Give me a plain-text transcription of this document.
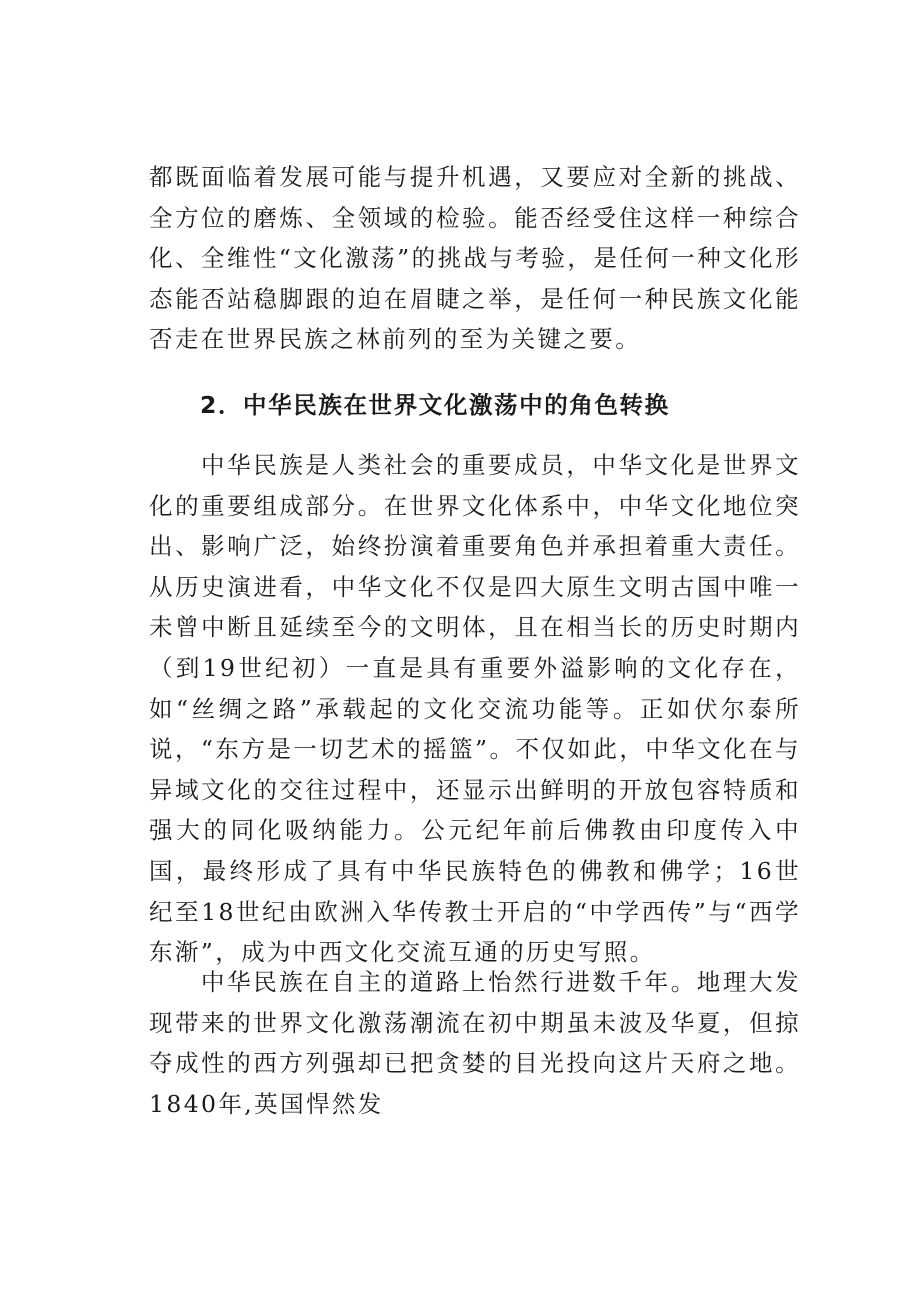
都既面临着发展可能与提升机遇，又要应对全新的挑战、全方位的磨炼、全领域的检验。能否经受住这样一种综合化、全维性“文化激荡”的挑战与考验，是任何一种文化形态能否站稳脚跟的迫在眉睫之举，是任何一种民族文化能否走在世界民族之林前列的至为关键之要。

2．中华民族在世界文化激荡中的角色转换

中华民族是人类社会的重要成员，中华文化是世界文化的重要组成部分。在世界文化体系中，中华文化地位突出、影响广泛，始终扮演着重要角色并承担着重大责任。从历史演进看，中华文化不仅是四大原生文明古国中唯一未曾中断且延续至今的文明体，且在相当长的历史时期内（到19世纪初）一直是具有重要外溢影响的文化存在，如“丝绸之路”承载起的文化交流功能等。正如伏尔泰所说，“东方是一切艺术的摇篮”。不仅如此，中华文化在与异域文化的交往过程中，还显示出鲜明的开放包容特质和强大的同化吸纳能力。公元纪年前后佛教由印度传入中国，最终形成了具有中华民族特色的佛教和佛学；16世纪至18世纪由欧洲入华传教士开启的“中学西传”与“西学东渐”，成为中西文化交流互通的历史写照。

中华民族在自主的道路上怡然行进数千年。地理大发现带来的世界文化激荡潮流在初中期虽未波及华夏，但掠夺成性的西方列强却已把贪婪的目光投向这片天府之地。1840年,英国悍然发
